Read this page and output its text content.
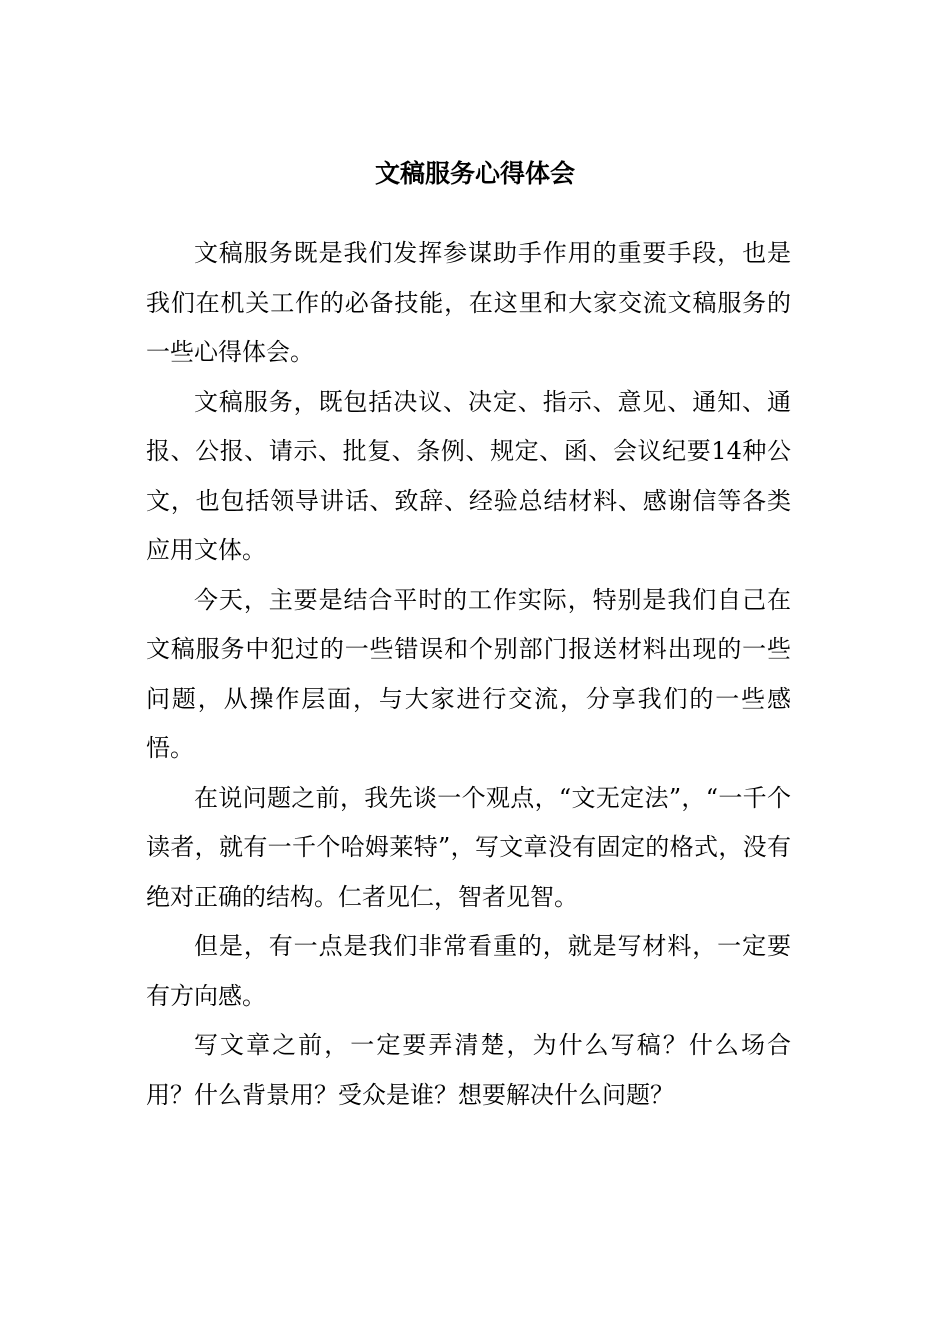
文稿服务心得体会

文稿服务既是我们发挥参谋助手作用的重要手段，也是我们在机关工作的必备技能，在这里和大家交流文稿服务的一些心得体会。

文稿服务，既包括决议、决定、指示、意见、通知、通报、公报、请示、批复、条例、规定、函、会议纪要14种公文，也包括领导讲话、致辞、经验总结材料、感谢信等各类应用文体。

今天，主要是结合平时的工作实际，特别是我们自己在文稿服务中犯过的一些错误和个别部门报送材料出现的一些问题，从操作层面，与大家进行交流，分享我们的一些感悟。

在说问题之前，我先谈一个观点，“文无定法”，“一千个读者，就有一千个哈姆莱特”，写文章没有固定的格式，没有绝对正确的结构。仁者见仁，智者见智。

但是，有一点是我们非常看重的，就是写材料，一定要有方向感。

写文章之前，一定要弄清楚，为什么写稿？什么场合用？什么背景用？受众是谁？想要解决什么问题？
